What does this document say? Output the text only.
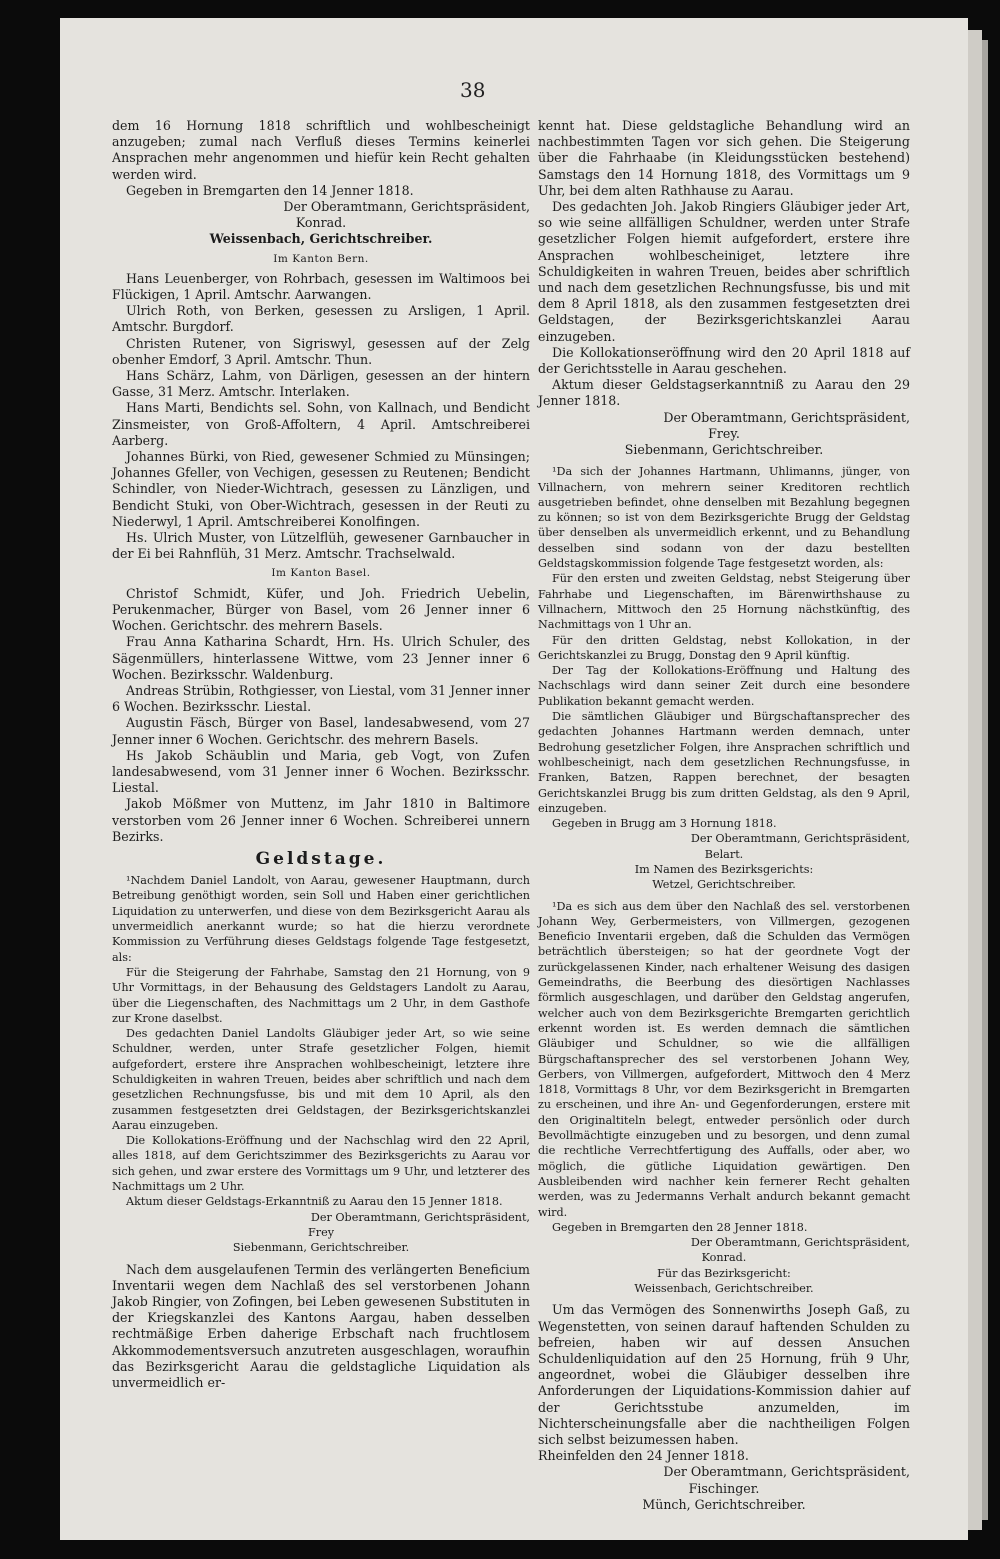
38

dem 16 Hornung 1818 schriftlich und wohlbescheinigt anzugeben; zumal nach Verfluß dieses Termins keinerlei Ansprachen mehr angenommen und hiefür kein Recht gehalten werden wird.

Gegeben in Bremgarten den 14 Jenner 1818.

Der Oberamtmann, Gerichtspräsident,

Konrad.

Weissenbach, Gerichtschreiber.

Im Kanton Bern.

Hans Leuenberger, von Rohrbach, gesessen im Waltimoos bei Flückigen, 1 April. Amtschr. Aarwangen.

Ulrich Roth, von Berken, gesessen zu Arsligen, 1 April. Amtschr. Burgdorf.

Christen Rutener, von Sigriswyl, gesessen auf der Zelg obenher Emdorf, 3 April. Amtschr. Thun.

Hans Schärz, Lahm, von Därligen, gesessen an der hintern Gasse, 31 Merz. Amtschr. Interlaken.

Hans Marti, Bendichts sel. Sohn, von Kallnach, und Bendicht Zinsmeister, von Groß-Affoltern, 4 April. Amtschreiberei Aarberg.

Johannes Bürki, von Ried, gewesener Schmied zu Münsingen; Johannes Gfeller, von Vechigen, gesessen zu Reutenen; Bendicht Schindler, von Nieder-Wichtrach, gesessen zu Länzligen, und Bendicht Stuki, von Ober-Wichtrach, gesessen in der Reuti zu Niederwyl, 1 April. Amtschreiberei Konolfingen.

Hs. Ulrich Muster, von Lützelflüh, gewesener Garnbaucher in der Ei bei Rahnflüh, 31 Merz. Amtschr. Trachselwald.

Im Kanton Basel.

Christof Schmidt, Küfer, und Joh. Friedrich Uebelin, Perukenmacher, Bürger von Basel, vom 26 Jenner inner 6 Wochen. Gerichtschr. des mehrern Basels.

Frau Anna Katharina Schardt, Hrn. Hs. Ulrich Schuler, des Sägenmüllers, hinterlassene Wittwe, vom 23 Jenner inner 6 Wochen. Bezirksschr. Waldenburg.

Andreas Strübin, Rothgiesser, von Liestal, vom 31 Jenner inner 6 Wochen. Bezirksschr. Liestal.

Augustin Fäsch, Bürger von Basel, landesabwesend, vom 27 Jenner inner 6 Wochen. Gerichtschr. des mehrern Basels.

Hs Jakob Schäublin und Maria, geb Vogt, von Zufen landesabwesend, vom 31 Jenner inner 6 Wochen. Bezirksschr. Liestal.

Jakob Mößmer von Muttenz, im Jahr 1810 in Baltimore verstorben vom 26 Jenner inner 6 Wochen. Schreiberei unnern Bezirks.

Geldstage.

¹Nachdem Daniel Landolt, von Aarau, gewesener Hauptmann, durch Betreibung genöthigt worden, sein Soll und Haben einer gerichtlichen Liquidation zu unterwerfen, und diese von dem Bezirksgericht Aarau als unvermeidlich anerkannt wurde; so hat die hierzu verordnete Kommission zu Verführung dieses Geldstags folgende Tage festgesetzt, als:

Für die Steigerung der Fahrhabe, Samstag den 21 Hornung, von 9 Uhr Vormittags, in der Behausung des Geldstagers Landolt zu Aarau, über die Liegenschaften, des Nachmittags um 2 Uhr, in dem Gasthofe zur Krone daselbst.

Des gedachten Daniel Landolts Gläubiger jeder Art, so wie seine Schuldner, werden, unter Strafe gesetzlicher Folgen, hiemit aufgefordert, erstere ihre Ansprachen wohlbescheinigt, letztere ihre Schuldigkeiten in wahren Treuen, beides aber schriftlich und nach dem gesetzlichen Rechnungsfusse, bis und mit dem 10 April, als den zusammen festgesetzten drei Geldstagen, der Bezirksgerichtskanzlei Aarau einzugeben.

Die Kollokations-Eröffnung und der Nachschlag wird den 22 April, alles 1818, auf dem Gerichtszimmer des Bezirksgerichts zu Aarau vor sich gehen, und zwar erstere des Vormittags um 9 Uhr, und letzterer des Nachmittags um 2 Uhr.

Aktum dieser Geldstags-Erkanntniß zu Aarau den 15 Jenner 1818.

Der Oberamtmann, Gerichtspräsident,

Frey

Siebenmann, Gerichtschreiber.

Nach dem ausgelaufenen Termin des verlängerten Beneficium Inventarii wegen dem Nachlaß des sel verstorbenen Johann Jakob Ringier, von Zofingen, bei Leben gewesenen Substituten in der Kriegskanzlei des Kantons Aargau, haben desselben rechtmäßige Erben daherige Erbschaft nach fruchtlosem Akkommodementsversuch anzutreten ausgeschlagen, woraufhin das Bezirksgericht Aarau die geldstagliche Liquidation als unvermeidlich er-

kennt hat. Diese geldstagliche Behandlung wird an nachbestimmten Tagen vor sich gehen. Die Steigerung über die Fahrhaabe (in Kleidungsstücken bestehend) Samstags den 14 Hornung 1818, des Vormittags um 9 Uhr, bei dem alten Rathhause zu Aarau.

Des gedachten Joh. Jakob Ringiers Gläubiger jeder Art, so wie seine allfälligen Schuldner, werden unter Strafe gesetzlicher Folgen hiemit aufgefordert, erstere ihre Ansprachen wohlbescheiniget, letztere ihre Schuldigkeiten in wahren Treuen, beides aber schriftlich und nach dem gesetzlichen Rechnungsfusse, bis und mit dem 8 April 1818, als den zusammen festgesetzten drei Geldstagen, der Bezirksgerichtskanzlei Aarau einzugeben.

Die Kollokationseröffnung wird den 20 April 1818 auf der Gerichtsstelle in Aarau geschehen.

Aktum dieser Geldstagserkanntniß zu Aarau den 29 Jenner 1818.

Der Oberamtmann, Gerichtspräsident,

Frey.

Siebenmann, Gerichtschreiber.

¹Da sich der Johannes Hartmann, Uhlimanns, jünger, von Villnachern, von mehrern seiner Kreditoren rechtlich ausgetrieben befindet, ohne denselben mit Bezahlung begegnen zu können; so ist von dem Bezirksgerichte Brugg der Geldstag über denselben als unvermeidlich erkennt, und zu Behandlung desselben sind sodann von der dazu bestellten Geldstagskommission folgende Tage festgesetzt worden, als:

Für den ersten und zweiten Geldstag, nebst Steigerung über Fahrhabe und Liegenschaften, im Bärenwirthshause zu Villnachern, Mittwoch den 25 Hornung nächstkünftig, des Nachmittags von 1 Uhr an.

Für den dritten Geldstag, nebst Kollokation, in der Gerichtskanzlei zu Brugg, Donstag den 9 April künftig.

Der Tag der Kollokations-Eröffnung und Haltung des Nachschlags wird dann seiner Zeit durch eine besondere Publikation bekannt gemacht werden.

Die sämtlichen Gläubiger und Bürgschaftansprecher des gedachten Johannes Hartmann werden demnach, unter Bedrohung gesetzlicher Folgen, ihre Ansprachen schriftlich und wohlbescheinigt, nach dem gesetzlichen Rechnungsfusse, in Franken, Batzen, Rappen berechnet, der besagten Gerichtskanzlei Brugg bis zum dritten Geldstag, als den 9 April, einzugeben.

Gegeben in Brugg am 3 Hornung 1818.

Der Oberamtmann, Gerichtspräsident,

Belart.

Im Namen des Bezirksgerichts:

Wetzel, Gerichtschreiber.

¹Da es sich aus dem über den Nachlaß des sel. verstorbenen Johann Wey, Gerbermeisters, von Villmergen, gezogenen Beneficio Inventarii ergeben, daß die Schulden das Vermögen beträchtlich übersteigen; so hat der geordnete Vogt der zurückgelassenen Kinder, nach erhaltener Weisung des dasigen Gemeindraths, die Beerbung des diesörtigen Nachlasses förmlich ausgeschlagen, und darüber den Geldstag angerufen, welcher auch von dem Bezirksgerichte Bremgarten gerichtlich erkennt worden ist. Es werden demnach die sämtlichen Gläubiger und Schuldner, so wie die allfälligen Bürgschaftansprecher des sel verstorbenen Johann Wey, Gerbers, von Villmergen, aufgefordert, Mittwoch den 4 Merz 1818, Vormittags 8 Uhr, vor dem Bezirksgericht in Bremgarten zu erscheinen, und ihre An- und Gegenforderungen, erstere mit den Originaltiteln belegt, entweder persönlich oder durch Bevollmächtigte einzugeben und zu besorgen, und denn zumal die rechtliche Verrechtfertigung des Auffalls, oder aber, wo möglich, die gütliche Liquidation gewärtigen. Den Ausbleibenden wird nachher kein fernerer Recht gehalten werden, was zu Jedermanns Verhalt andurch bekannt gemacht wird.

Gegeben in Bremgarten den 28 Jenner 1818.

Der Oberamtmann, Gerichtspräsident,

Konrad.

Für das Bezirksgericht:

Weissenbach, Gerichtschreiber.

Um das Vermögen des Sonnenwirths Joseph Gaß, zu Wegenstetten, von seinen darauf haftenden Schulden zu befreien, haben wir auf dessen Ansuchen Schuldenliquidation auf den 25 Hornung, früh 9 Uhr, angeordnet, wobei die Gläubiger desselben ihre Anforderungen der Liquidations-Kommission dahier auf der Gerichtsstube anzumelden, im Nichterscheinungsfalle aber die nachtheiligen Folgen sich selbst beizumessen haben.

Rheinfelden den 24 Jenner 1818.

Der Oberamtmann, Gerichtspräsident,

Fischinger.

Münch, Gerichtschreiber.
